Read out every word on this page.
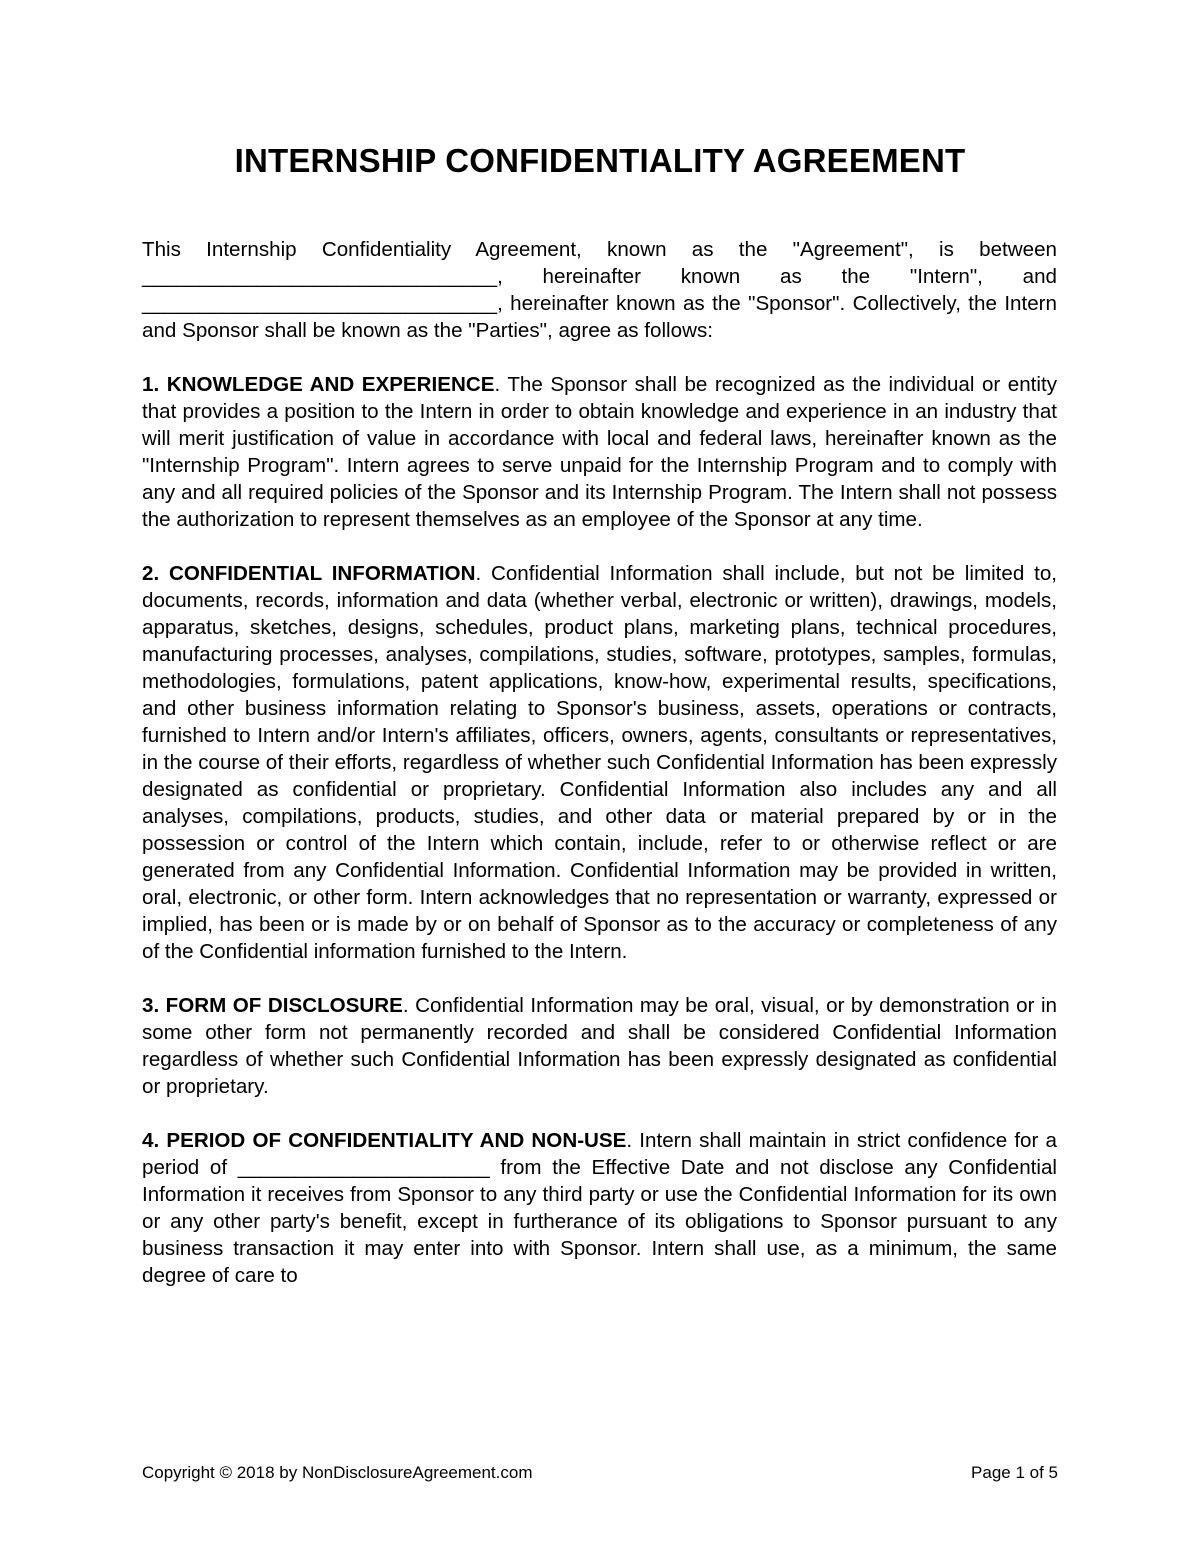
INTERNSHIP CONFIDENTIALITY AGREEMENT

This Internship Confidentiality Agreement, known as the "Agreement", is between _______________________________, hereinafter known as the "Intern", and _______________________________, hereinafter known as the "Sponsor". Collectively, the Intern and Sponsor shall be known as the "Parties", agree as follows:

1. KNOWLEDGE AND EXPERIENCE. The Sponsor shall be recognized as the individual or entity that provides a position to the Intern in order to obtain knowledge and experience in an industry that will merit justification of value in accordance with local and federal laws, hereinafter known as the "Internship Program". Intern agrees to serve unpaid for the Internship Program and to comply with any and all required policies of the Sponsor and its Internship Program. The Intern shall not possess the authorization to represent themselves as an employee of the Sponsor at any time.

2. CONFIDENTIAL INFORMATION. Confidential Information shall include, but not be limited to, documents, records, information and data (whether verbal, electronic or written), drawings, models, apparatus, sketches, designs, schedules, product plans, marketing plans, technical procedures, manufacturing processes, analyses, compilations, studies, software, prototypes, samples, formulas, methodologies, formulations, patent applications, know-how, experimental results, specifications, and other business information relating to Sponsor's business, assets, operations or contracts, furnished to Intern and/or Intern's affiliates, officers, owners, agents, consultants or representatives, in the course of their efforts, regardless of whether such Confidential Information has been expressly designated as confidential or proprietary. Confidential Information also includes any and all analyses, compilations, products, studies, and other data or material prepared by or in the possession or control of the Intern which contain, include, refer to or otherwise reflect or are generated from any Confidential Information. Confidential Information may be provided in written, oral, electronic, or other form. Intern acknowledges that no representation or warranty, expressed or implied, has been or is made by or on behalf of Sponsor as to the accuracy or completeness of any of the Confidential information furnished to the Intern.

3. FORM OF DISCLOSURE. Confidential Information may be oral, visual, or by demonstration or in some other form not permanently recorded and shall be considered Confidential Information regardless of whether such Confidential Information has been expressly designated as confidential or proprietary.

4. PERIOD OF CONFIDENTIALITY AND NON-USE. Intern shall maintain in strict confidence for a period of ______________________ from the Effective Date and not disclose any Confidential Information it receives from Sponsor to any third party or use the Confidential Information for its own or any other party's benefit, except in furtherance of its obligations to Sponsor pursuant to any business transaction it may enter into with Sponsor. Intern shall use, as a minimum, the same degree of care to

Copyright © 2018 by NonDisclosureAgreement.com	Page 1 of 5
